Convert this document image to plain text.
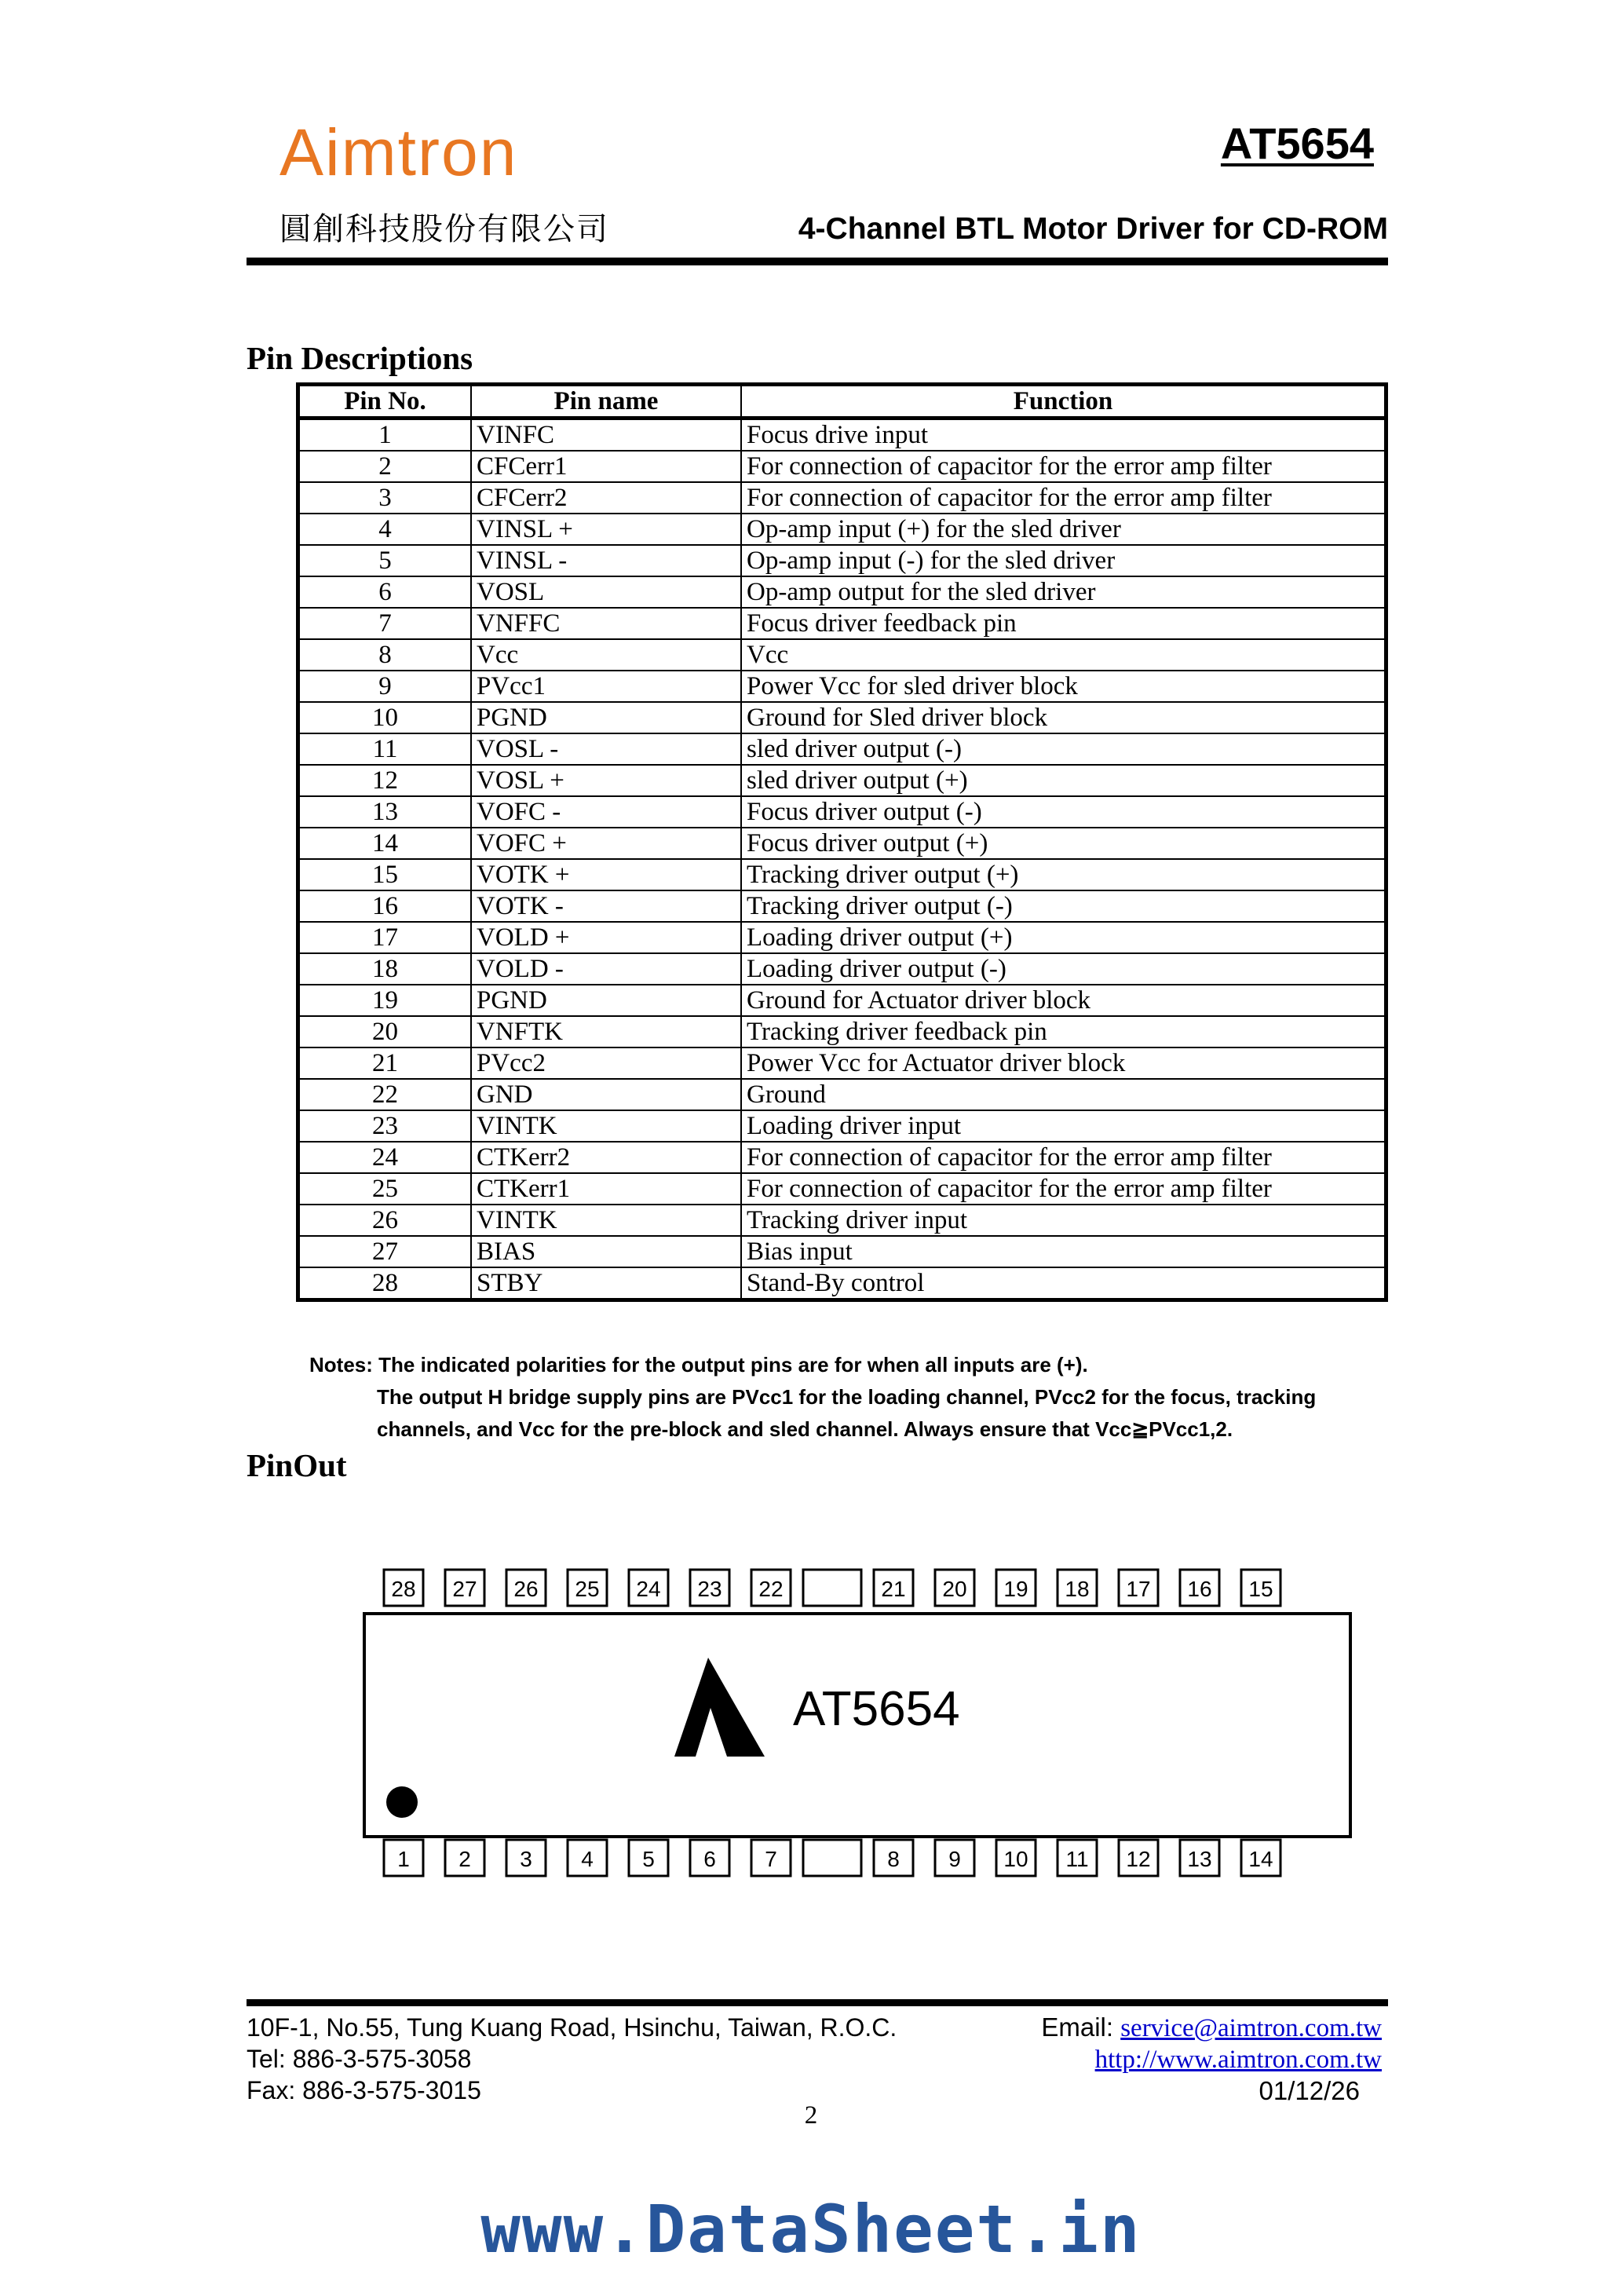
Aimtron
圓創科技股份有限公司
AT5654
4-Channel BTL Motor Driver for CD-ROM
Pin Descriptions
Pin No.	Pin name	Function
1	VINFC	Focus drive input
2	CFCerr1	For connection of capacitor for the error amp filter
3	CFCerr2	For connection of capacitor for the error amp filter
4	VINSL +	Op-amp input (+) for the sled driver
5	VINSL -	Op-amp input (-) for the sled driver
6	VOSL	Op-amp output for the sled driver
7	VNFFC	Focus driver feedback pin
8	Vcc	Vcc
9	PVcc1	Power Vcc for sled driver block
10	PGND	Ground for Sled driver block
11	VOSL -	sled driver output (-)
12	VOSL +	sled driver output (+)
13	VOFC -	Focus driver output (-)
14	VOFC +	Focus driver output (+)
15	VOTK +	Tracking driver output (+)
16	VOTK -	Tracking driver output (-)
17	VOLD +	Loading driver output (+)
18	VOLD -	Loading driver output (-)
19	PGND	Ground for Actuator driver block
20	VNFTK	Tracking driver feedback pin
21	PVcc2	Power Vcc for Actuator driver block
22	GND	Ground
23	VINTK	Loading driver input
24	CTKerr2	For connection of capacitor for the error amp filter
25	CTKerr1	For connection of capacitor for the error amp filter
26	VINTK	Tracking driver input
27	BIAS	Bias input
28	STBY	Stand-By control
Notes: The indicated polarities for the output pins are for when all inputs are (+).
The output H bridge supply pins are PVcc1 for the loading channel, PVcc2 for the focus, tracking
channels, and Vcc for the pre-block and sled channel. Always ensure that Vcc≧PVcc1,2.
PinOut
AT5654
28 27 26 25 24 23 22	21 20 19 18 17 16 15
1 2 3 4 5 6 7	8 9 10 11 12 13 14
10F-1, No.55, Tung Kuang Road, Hsinchu, Taiwan, R.O.C.
Tel: 886-3-575-3058
Fax: 886-3-575-3015
Email: service@aimtron.com.tw
http://www.aimtron.com.tw
01/12/26
2
www.DataSheet.in
